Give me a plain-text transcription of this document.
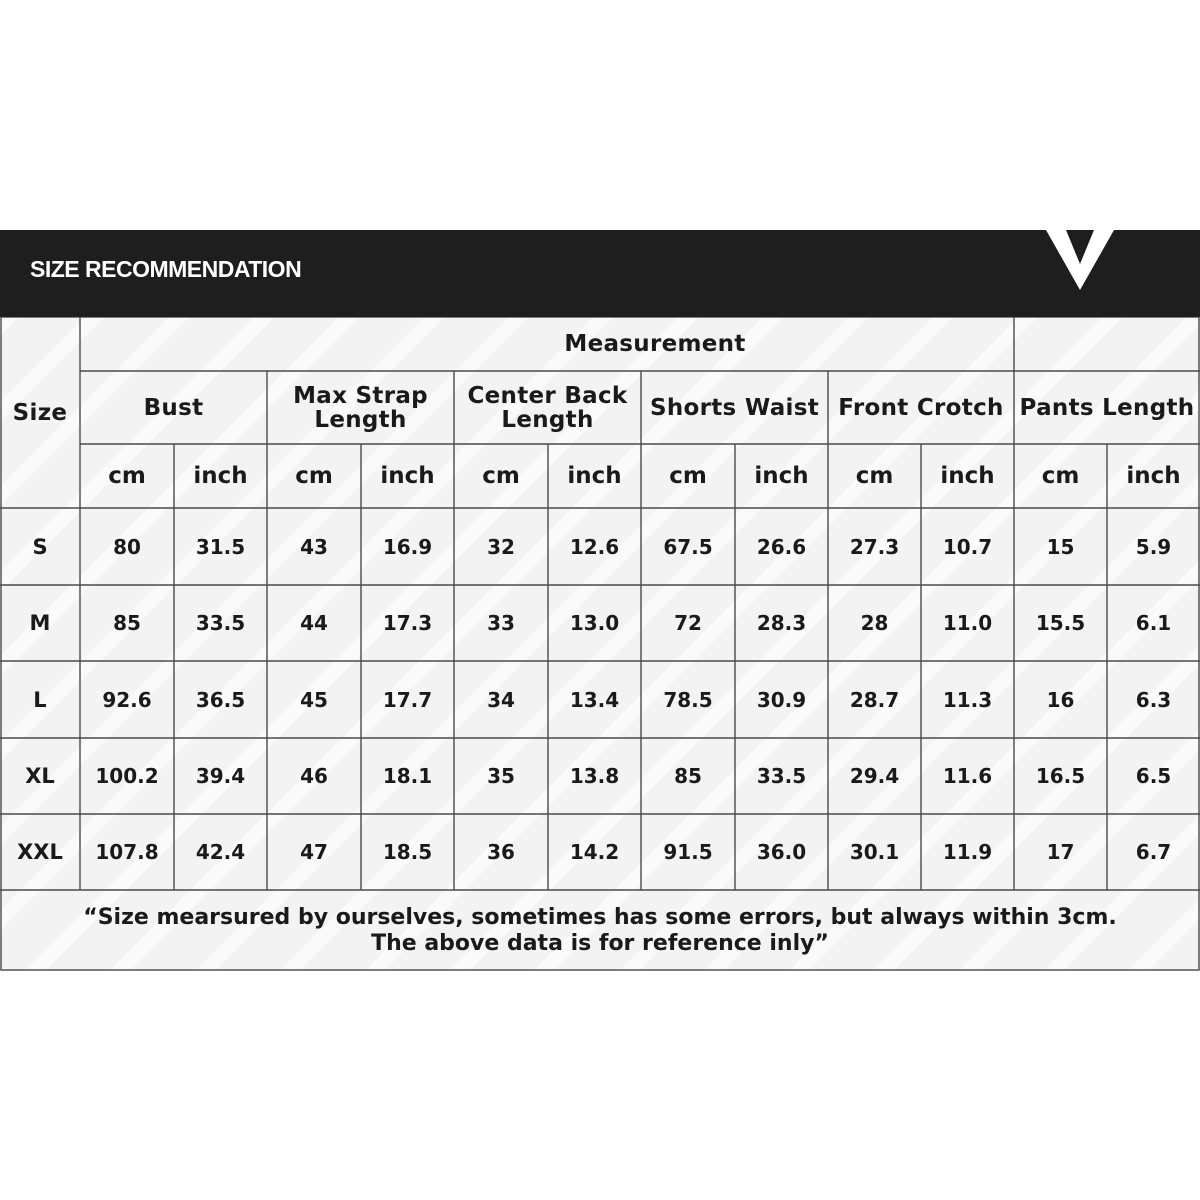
SIZE RECOMMENDATION
Size
Measurement
Bust
cm	inch
Max Strap
Length
cm	inch
Center Back
Length
cm	inch
Shorts Waist
cm	inch
Front Crotch
cm	inch
Pants Length
cm	inch
S	80	31.5	43	16.9	32	12.6	67.5	26.6	27.3	10.7	15	5.9
M	85	33.5	44	17.3	33	13.0	72	28.3	28	11.0	15.5	6.1
L	92.6	36.5	45	17.7	34	13.4	78.5	30.9	28.7	11.3	16	6.3
XL	100.2	39.4	46	18.1	35	13.8	85	33.5	29.4	11.6	16.5	6.5
XXL	107.8	42.4	47	18.5	36	14.2	91.5	36.0	30.1	11.9	17	6.7
“Size mearsured by ourselves, sometimes has some errors, but always within 3cm.
The above data is for reference inly”
